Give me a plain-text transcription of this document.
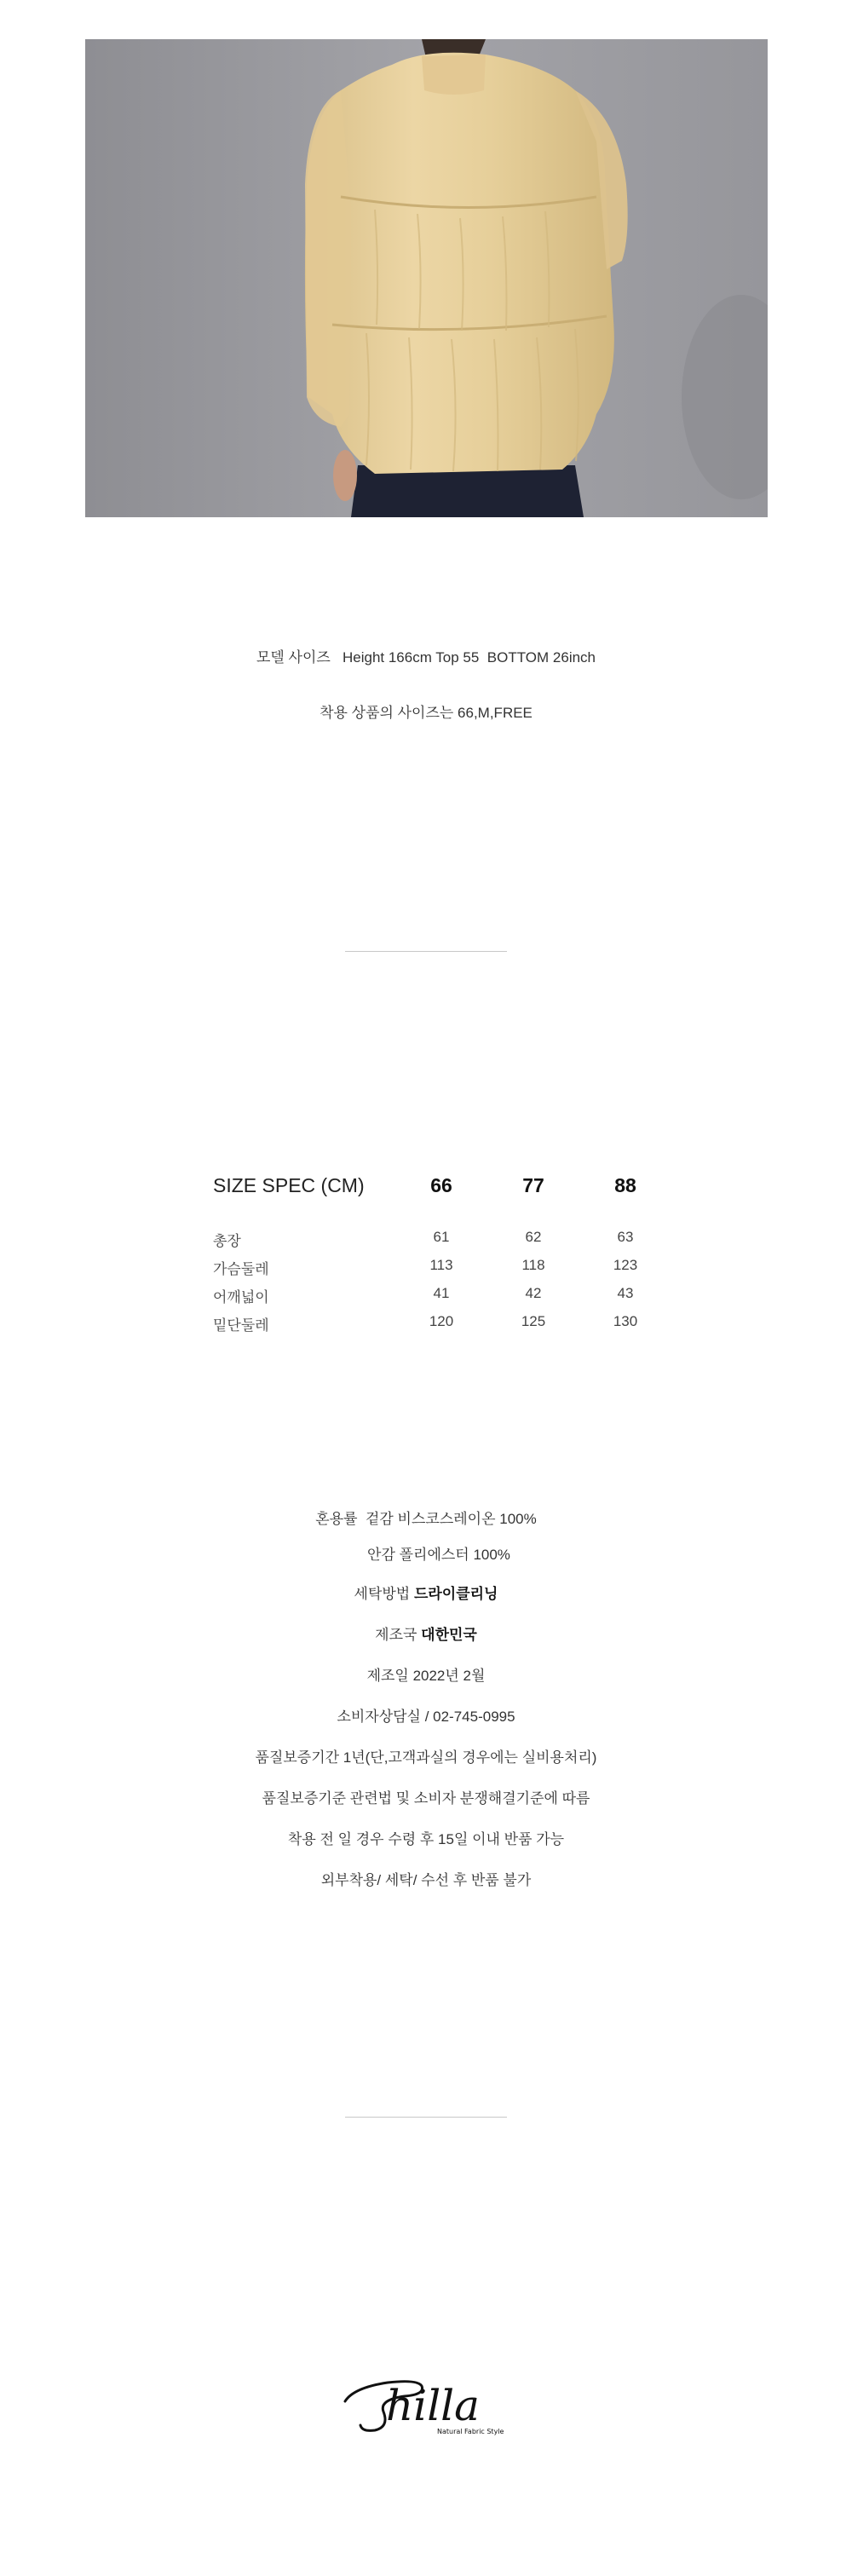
모델 사이즈   Height 166cm Top 55  BOTTOM 26inch
착용 상품의 사이즈는 66,M,FREE
SIZE SPEC (CM)	66	77	88
총장	61	62	63
가슴둘레	113	118	123
어깨넓이	41	42	43
밑단둘레	120	125	130
혼용률  겉감 비스코스레이온 100%
안감 폴리에스터 100%
세탁방법 드라이클리닝
제조국 대한민국
제조일 2022년 2월
소비자상담실 / 02-745-0995
품질보증기간 1년(단,고객과실의 경우에는 실비용처리)
품질보증기준 관련법 및 소비자 분쟁해결기준에 따름
착용 전 일 경우 수령 후 15일 이내 반품 가능
외부착용/ 세탁/ 수선 후 반품 불가
hilla
Natural Fabric Style
